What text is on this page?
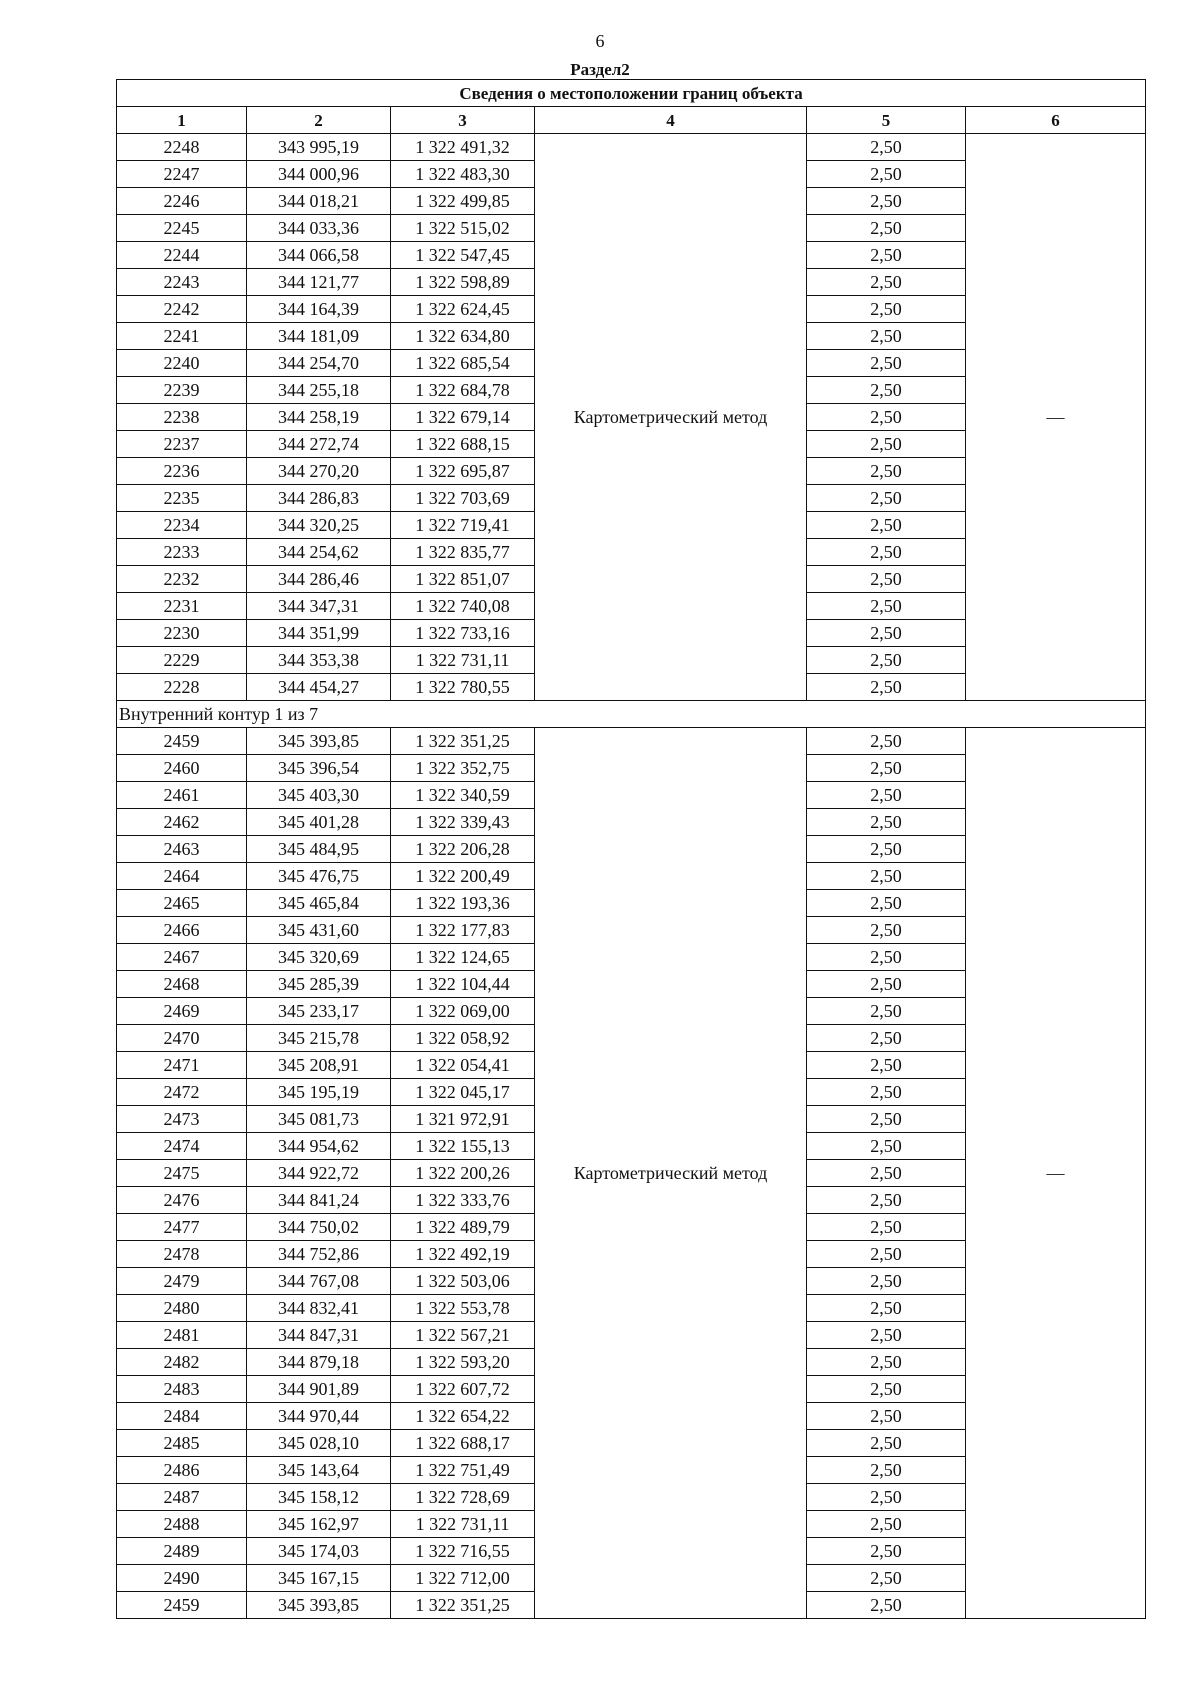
6
Раздел2
Сведения о местоположении границ объекта					
1	2	3	4	5	6
2248	343 995,19	1 322 491,32	Картометрический метод	2,50	—
2247	344 000,96	1 322 483,30		2,50	
2246	344 018,21	1 322 499,85		2,50	
2245	344 033,36	1 322 515,02		2,50	
2244	344 066,58	1 322 547,45		2,50	
2243	344 121,77	1 322 598,89		2,50	
2242	344 164,39	1 322 624,45		2,50	
2241	344 181,09	1 322 634,80		2,50	
2240	344 254,70	1 322 685,54		2,50	
2239	344 255,18	1 322 684,78		2,50	
2238	344 258,19	1 322 679,14		2,50	
2237	344 272,74	1 322 688,15		2,50	
2236	344 270,20	1 322 695,87		2,50	
2235	344 286,83	1 322 703,69		2,50	
2234	344 320,25	1 322 719,41		2,50	
2233	344 254,62	1 322 835,77		2,50	
2232	344 286,46	1 322 851,07		2,50	
2231	344 347,31	1 322 740,08		2,50	
2230	344 351,99	1 322 733,16		2,50	
2229	344 353,38	1 322 731,11		2,50	
2228	344 454,27	1 322 780,55		2,50	
Внутренний контур 1 из 7					
2459	345 393,85	1 322 351,25	Картометрический метод	2,50	—
2460	345 396,54	1 322 352,75		2,50	
2461	345 403,30	1 322 340,59		2,50	
2462	345 401,28	1 322 339,43		2,50	
2463	345 484,95	1 322 206,28		2,50	
2464	345 476,75	1 322 200,49		2,50	
2465	345 465,84	1 322 193,36		2,50	
2466	345 431,60	1 322 177,83		2,50	
2467	345 320,69	1 322 124,65		2,50	
2468	345 285,39	1 322 104,44		2,50	
2469	345 233,17	1 322 069,00		2,50	
2470	345 215,78	1 322 058,92		2,50	
2471	345 208,91	1 322 054,41		2,50	
2472	345 195,19	1 322 045,17		2,50	
2473	345 081,73	1 321 972,91		2,50	
2474	344 954,62	1 322 155,13		2,50	
2475	344 922,72	1 322 200,26		2,50	
2476	344 841,24	1 322 333,76		2,50	
2477	344 750,02	1 322 489,79		2,50	
2478	344 752,86	1 322 492,19		2,50	
2479	344 767,08	1 322 503,06		2,50	
2480	344 832,41	1 322 553,78		2,50	
2481	344 847,31	1 322 567,21		2,50	
2482	344 879,18	1 322 593,20		2,50	
2483	344 901,89	1 322 607,72		2,50	
2484	344 970,44	1 322 654,22		2,50	
2485	345 028,10	1 322 688,17		2,50	
2486	345 143,64	1 322 751,49		2,50	
2487	345 158,12	1 322 728,69		2,50	
2488	345 162,97	1 322 731,11		2,50	
2489	345 174,03	1 322 716,55		2,50	
2490	345 167,15	1 322 712,00		2,50	
2459	345 393,85	1 322 351,25		2,50	
